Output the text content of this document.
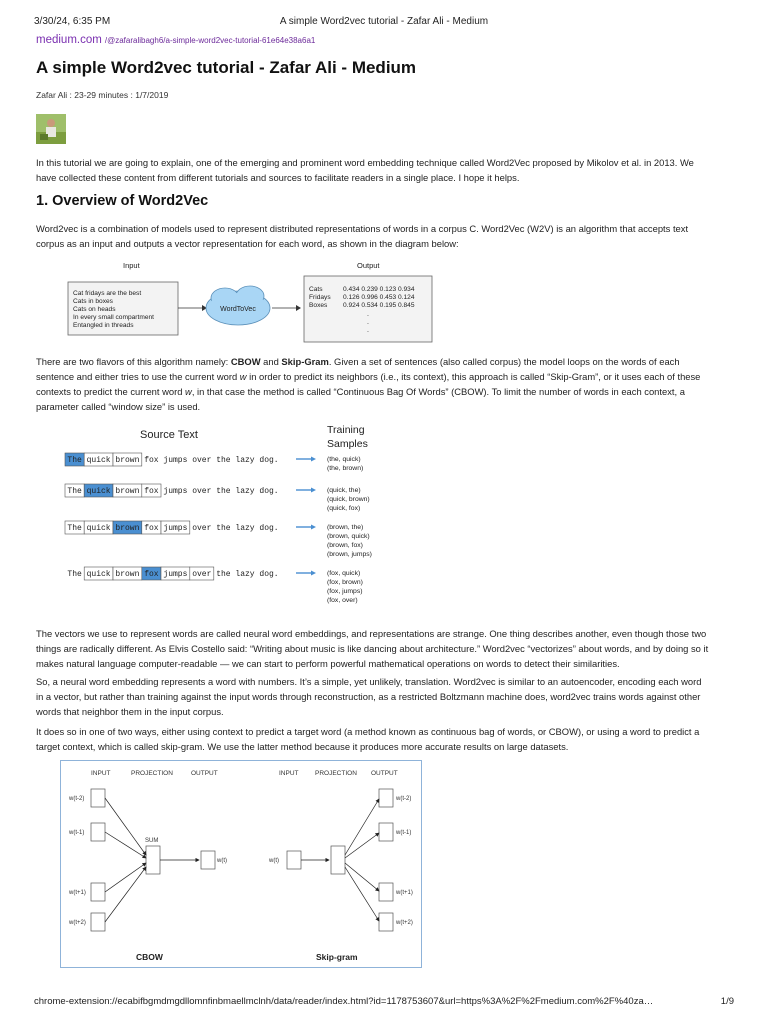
3/30/24, 6:35 PM	A simple Word2vec tutorial - Zafar Ali - Medium
medium.com /@zafaralibagh6/a-simple-word2vec-tutorial-61e64e38a6a1
A simple Word2vec tutorial - Zafar Ali - Medium
Zafar Ali : 23-29 minutes : 1/7/2019
In this tutorial we are going to explain, one of the emerging and prominent word embedding technique called Word2Vec proposed by Mikolov et al. in 2013. We
have collected these content from different tutorials and sources to facilitate readers in a single place. I hope it helps.
1. Overview of Word2Vec
Word2vec is a combination of models used to represent distributed representations of words in a corpus C. Word2Vec (W2V) is an algorithm that accepts text
corpus as an input and outputs a vector representation for each word, as shown in the diagram below:
Input	Output
Cat fridays are the best
Cats in boxes
Cats on heads
In every small compartment
Entangled in threads
WordToVec
Cats	0.434 0.239 0.123 0.934
Fridays 0.126 0.996 0.453 0.124
Boxes 0.924 0.534 0.195 0.845
.
.
.
There are two flavors of this algorithm namely: CBOW and Skip-Gram. Given a set of sentences (also called corpus) the model loops on the words of each
sentence and either tries to use the current word w in order to predict its neighbors (i.e., its context), this approach is called “Skip-Gram”, or it uses each of these
contexts to predict the current word w, in that case the method is called “Continuous Bag Of Words” (CBOW). To limit the number of words in each context, a
parameter called “window size” is used.
Source Text	Training
Samples
The quick brown fox jumps over the lazy dog.	(the, quick)
(the, brown)
The quick brown fox jumps over the lazy dog.	(quick, the)
(quick, brown)
(quick, fox)
The quick brown fox jumps over the lazy dog.	(brown, the)
(brown, quick)
(brown, fox)
(brown, jumps)
The quick brown fox jumps over the lazy dog.	(fox, quick)
(fox, brown)
(fox, jumps)
(fox, over)
The vectors we use to represent words are called neural word embeddings, and representations are strange. One thing describes another, even though those two
things are radically different. As Elvis Costello said: “Writing about music is like dancing about architecture.” Word2vec “vectorizes” about words, and by doing so it
makes natural language computer-readable — we can start to perform powerful mathematical operations on words to detect their similarities.
So, a neural word embedding represents a word with numbers. It’s a simple, yet unlikely, translation. Word2vec is similar to an autoencoder, encoding each word
in a vector, but rather than training against the input words through reconstruction, as a restricted Boltzmann machine does, word2vec trains words against other
words that neighbor them in the input corpus.
It does so in one of two ways, either using context to predict a target word (a method known as continuous bag of words, or CBOW), or using a word to predict a
target context, which is called skip-gram. We use the latter method because it produces more accurate results on large datasets.
INPUT	PROJECTION	OUTPUT
w(t-2)
w(t-1)
w(t+1)
w(t+2)
SUM
w(t)
CBOW
INPUT	PROJECTION OUTPUT
w(t)
w(t-2)
w(t-1)
w(t+1)
w(t+2)
Skip-gram
chrome-extension://ecabifbgmdmgdllomnfinbmaellmclnh/data/reader/index.html?id=1178753607&url=https%3A%2F%2Fmedium.com%2F%40za…	1/9
